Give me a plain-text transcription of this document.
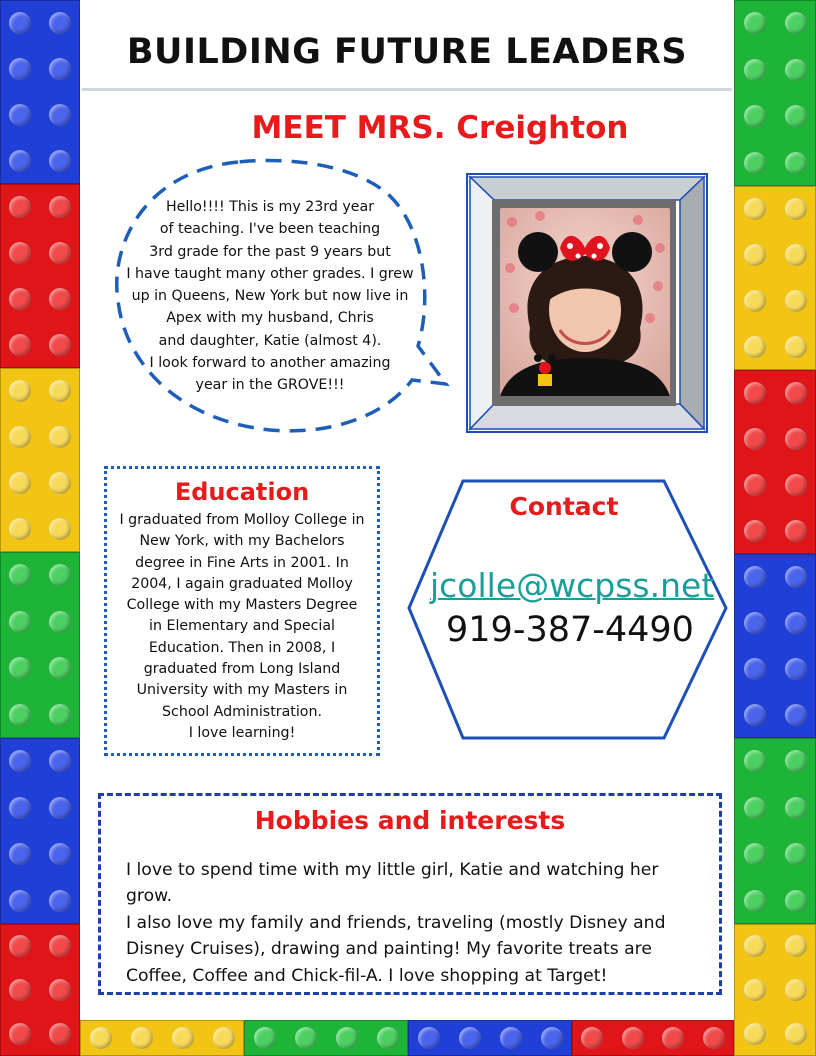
BUILDING FUTURE LEADERS
MEET MRS. Creighton
Hello!!!! This is my 23rd year
of teaching. I've been teaching
3rd grade for the past 9 years but
I have taught many other grades. I grew
up in Queens, New York but now live in
Apex with my husband, Chris
and daughter, Katie (almost 4).
I look forward to another amazing
year in the GROVE!!!
Education
I graduated from Molloy College in
New York, with my Bachelors
degree in Fine Arts in 2001. In
2004, I again graduated Molloy
College with my Masters Degree
in Elementary and Special
Education. Then in 2008, I
graduated from Long Island
University with my Masters in
School Administration.
I love learning!
Contact
jcolle@wcpss.net
919-387-4490
Hobbies and interests
I love to spend time with my little girl, Katie and watching her grow.
I also love my family and friends, traveling (mostly Disney and
Disney Cruises), drawing and painting! My favorite treats are
Coffee, Coffee and Chick-fil-A. I love shopping at Target!
